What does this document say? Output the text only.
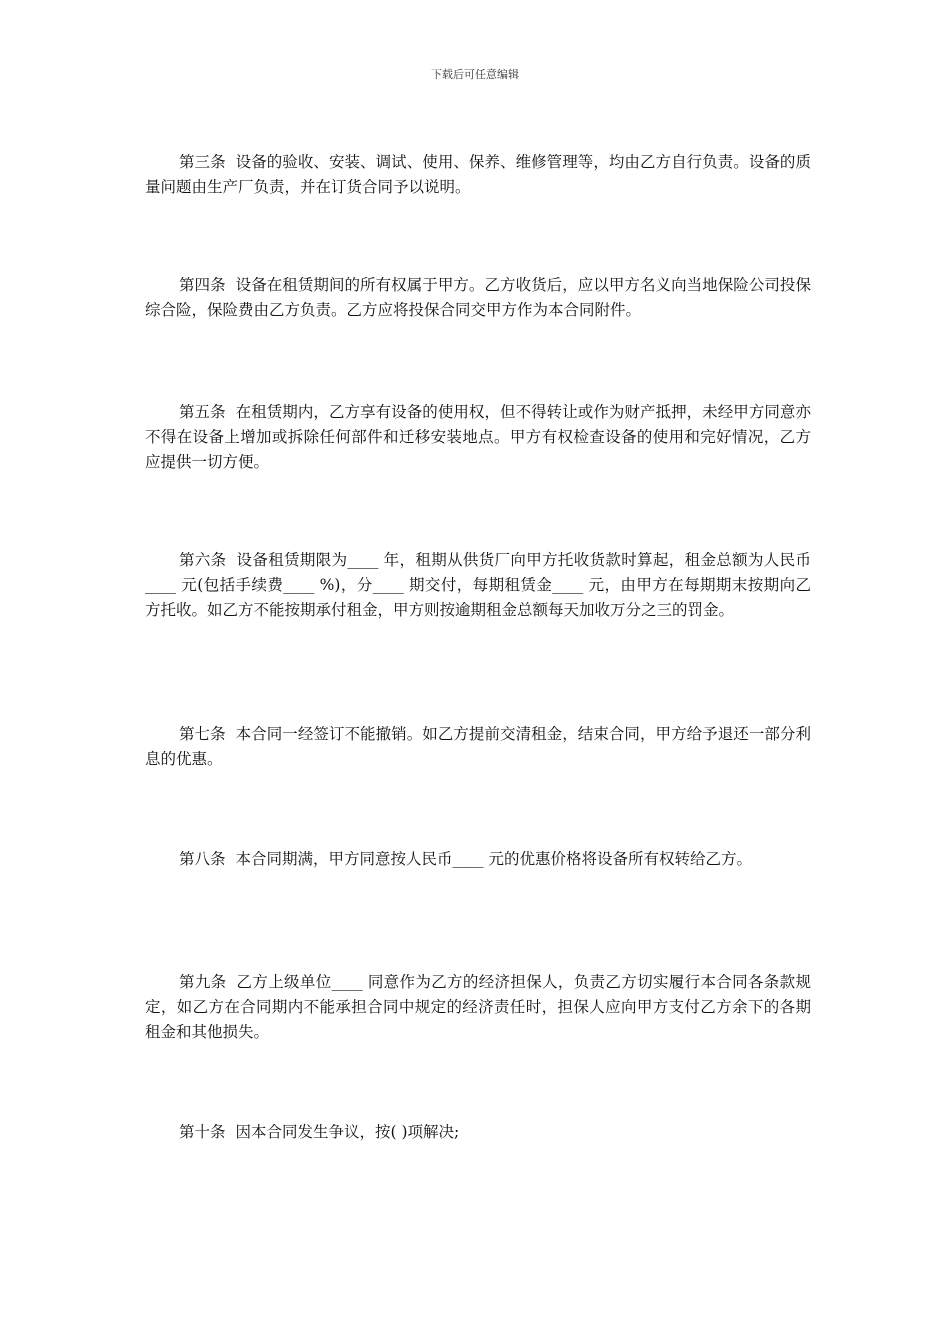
下载后可任意编辑

第三条 设备的验收、安装、调试、使用、保养、维修管理等，均由乙方自行负责。设备的质量问题由生产厂负责，并在订货合同予以说明。

第四条 设备在租赁期间的所有权属于甲方。乙方收货后，应以甲方名义向当地保险公司投保综合险，保险费由乙方负责。乙方应将投保合同交甲方作为本合同附件。

第五条 在租赁期内，乙方享有设备的使用权，但不得转让或作为财产抵押，未经甲方同意亦不得在设备上增加或拆除任何部件和迁移安装地点。甲方有权检查设备的使用和完好情况，乙方应提供一切方便。

第六条 设备租赁期限为____ 年，租期从供货厂向甲方托收货款时算起，租金总额为人民币____ 元(包括手续费____ %)，分____ 期交付，每期租赁金____ 元，由甲方在每期期末按期向乙方托收。如乙方不能按期承付租金，甲方则按逾期租金总额每天加收万分之三的罚金。

第七条 本合同一经签订不能撤销。如乙方提前交清租金，结束合同，甲方给予退还一部分利息的优惠。

第八条 本合同期满，甲方同意按人民币____ 元的优惠价格将设备所有权转给乙方。

第九条 乙方上级单位____ 同意作为乙方的经济担保人，负责乙方切实履行本合同各条款规定，如乙方在合同期内不能承担合同中规定的经济责任时，担保人应向甲方支付乙方余下的各期租金和其他损失。

第十条 因本合同发生争议，按( )项解决;
